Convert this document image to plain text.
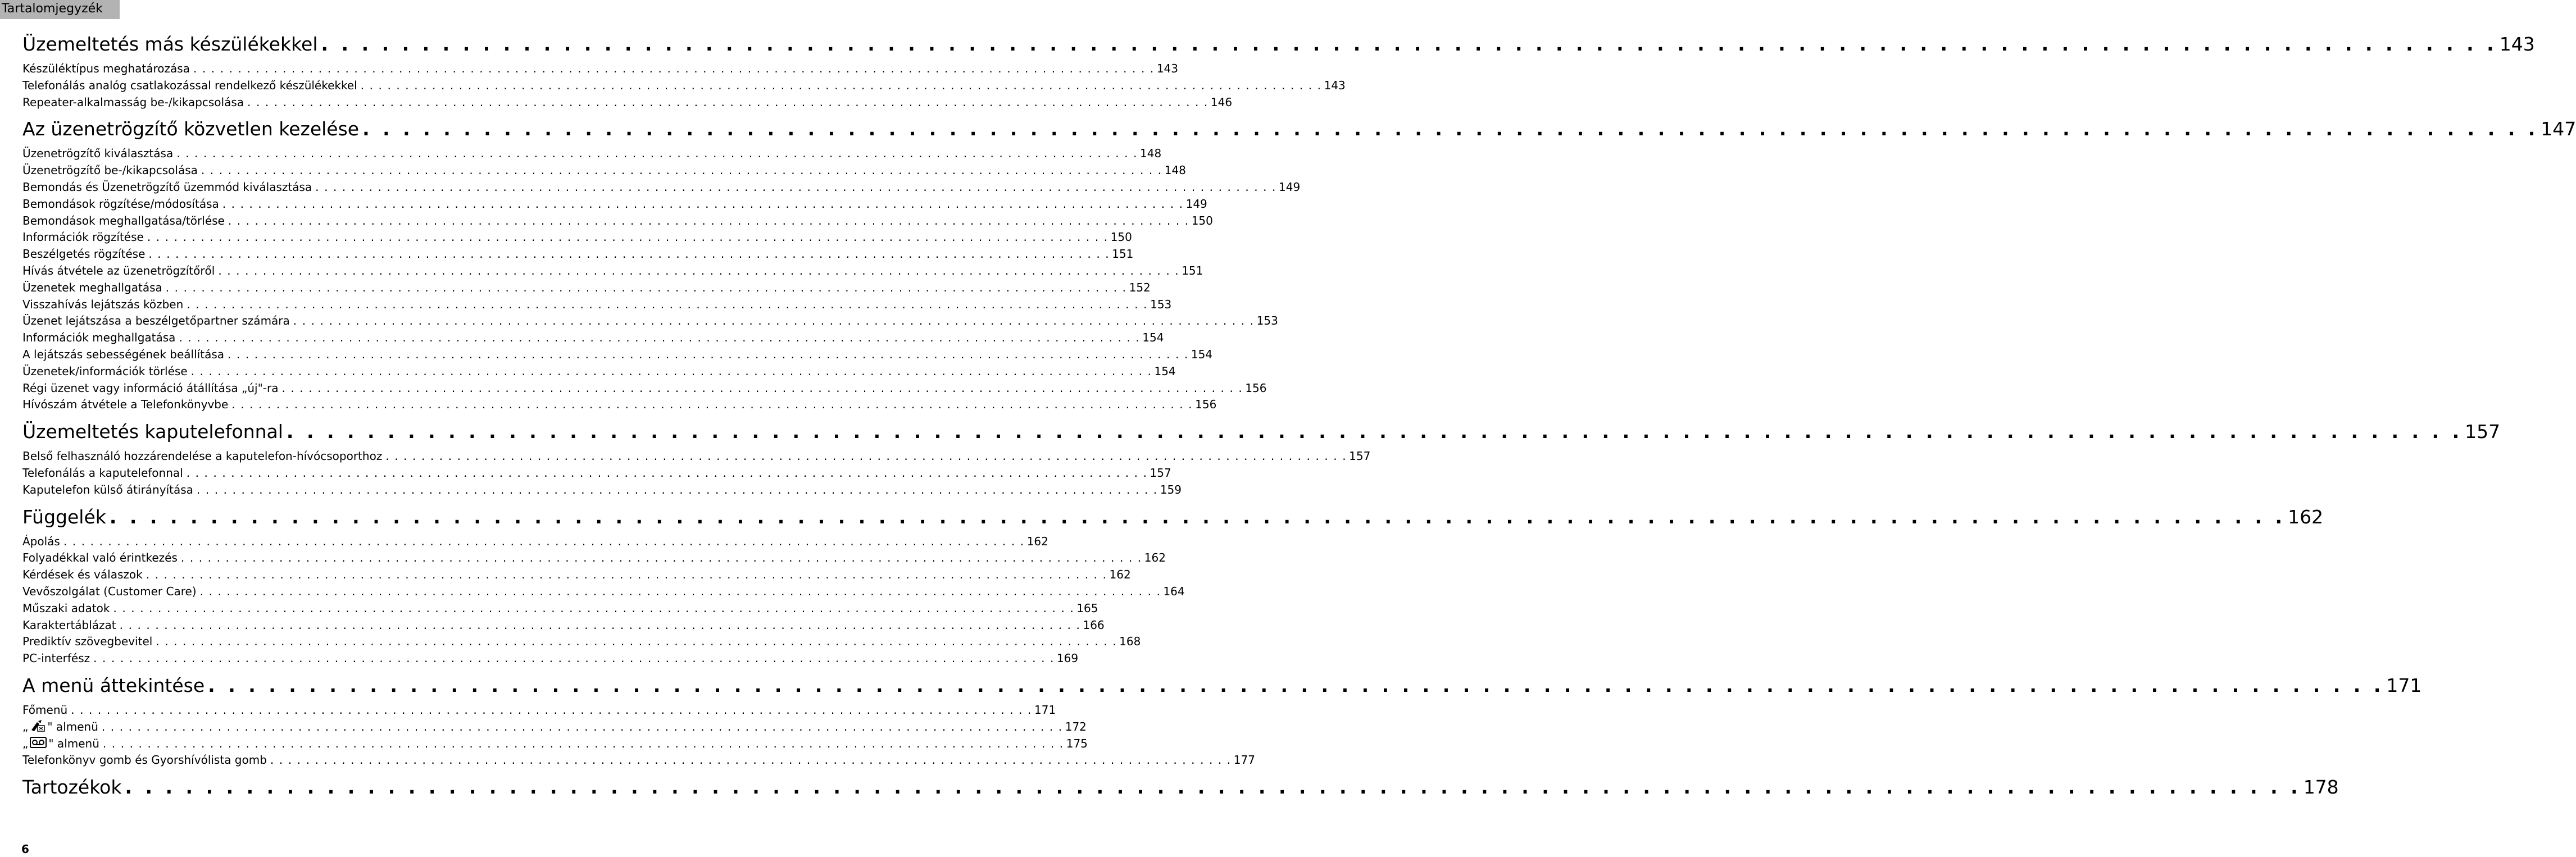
Tartalomjegyzék
Üzemeltetés más készülékekkel . . . . . . . . . . . . . . . . . . . . . . . . . . . . . . . . . . . . . . . . . . . . . . . . . . . . . . . . . . . . . . . . . . . . . . . . . . . . . . . . . . . . . . . . . . . . . . . . . . . . . . . . . . . . 143
Készüléktípus meghatározása . . . . . . . . . . . . . . . . . . . . . . . . . . . . . . . . . . . . . . . . . . . . . . . . . . . . . . . . . . . . . . . . . . . . . . . . . . . . . . . . . . . . . . . . . . . . . . . . . . . . . . . . . . . . 143
Telefonálás analóg csatlakozással rendelkező készülékekkel . . . . . . . . . . . . . . . . . . . . . . . . . . . . . . . . . . . . . . . . . . . . . . . . . . . . . . . . . . . . . . . . . . . . . . . . . . . . . . . . . . . . . . . . . . . . . . . . . . . . . . . . . . . . 143
Repeater-alkalmasság be-/kikapcsolása . . . . . . . . . . . . . . . . . . . . . . . . . . . . . . . . . . . . . . . . . . . . . . . . . . . . . . . . . . . . . . . . . . . . . . . . . . . . . . . . . . . . . . . . . . . . . . . . . . . . . . . . . . . . 146
Az üzenetrögzítő közvetlen kezelése . . . . . . . . . . . . . . . . . . . . . . . . . . . . . . . . . . . . . . . . . . . . . . . . . . . . . . . . . . . . . . . . . . . . . . . . . . . . . . . . . . . . . . . . . . . . . . . . . . . . . . . . . . . . 147
Üzenetrögzítő kiválasztása . . . . . . . . . . . . . . . . . . . . . . . . . . . . . . . . . . . . . . . . . . . . . . . . . . . . . . . . . . . . . . . . . . . . . . . . . . . . . . . . . . . . . . . . . . . . . . . . . . . . . . . . . . . . 148
Üzenetrögzítő be-/kikapcsolása . . . . . . . . . . . . . . . . . . . . . . . . . . . . . . . . . . . . . . . . . . . . . . . . . . . . . . . . . . . . . . . . . . . . . . . . . . . . . . . . . . . . . . . . . . . . . . . . . . . . . . . . . . . . 148
Bemondás és Üzenetrögzítő üzemmód kiválasztása . . . . . . . . . . . . . . . . . . . . . . . . . . . . . . . . . . . . . . . . . . . . . . . . . . . . . . . . . . . . . . . . . . . . . . . . . . . . . . . . . . . . . . . . . . . . . . . . . . . . . . . . . . . . 149
Bemondások rögzítése/módosítása . . . . . . . . . . . . . . . . . . . . . . . . . . . . . . . . . . . . . . . . . . . . . . . . . . . . . . . . . . . . . . . . . . . . . . . . . . . . . . . . . . . . . . . . . . . . . . . . . . . . . . . . . . . . 149
Bemondások meghallgatása/törlése . . . . . . . . . . . . . . . . . . . . . . . . . . . . . . . . . . . . . . . . . . . . . . . . . . . . . . . . . . . . . . . . . . . . . . . . . . . . . . . . . . . . . . . . . . . . . . . . . . . . . . . . . . . . 150
Információk rögzítése . . . . . . . . . . . . . . . . . . . . . . . . . . . . . . . . . . . . . . . . . . . . . . . . . . . . . . . . . . . . . . . . . . . . . . . . . . . . . . . . . . . . . . . . . . . . . . . . . . . . . . . . . . . . 150
Beszélgetés rögzítése . . . . . . . . . . . . . . . . . . . . . . . . . . . . . . . . . . . . . . . . . . . . . . . . . . . . . . . . . . . . . . . . . . . . . . . . . . . . . . . . . . . . . . . . . . . . . . . . . . . . . . . . . . . . 151
Hívás átvétele az üzenetrögzítőről . . . . . . . . . . . . . . . . . . . . . . . . . . . . . . . . . . . . . . . . . . . . . . . . . . . . . . . . . . . . . . . . . . . . . . . . . . . . . . . . . . . . . . . . . . . . . . . . . . . . . . . . . . . . 151
Üzenetek meghallgatása . . . . . . . . . . . . . . . . . . . . . . . . . . . . . . . . . . . . . . . . . . . . . . . . . . . . . . . . . . . . . . . . . . . . . . . . . . . . . . . . . . . . . . . . . . . . . . . . . . . . . . . . . . . . 152
Visszahívás lejátszás közben . . . . . . . . . . . . . . . . . . . . . . . . . . . . . . . . . . . . . . . . . . . . . . . . . . . . . . . . . . . . . . . . . . . . . . . . . . . . . . . . . . . . . . . . . . . . . . . . . . . . . . . . . . . . 153
Üzenet lejátszása a beszélgetőpartner számára . . . . . . . . . . . . . . . . . . . . . . . . . . . . . . . . . . . . . . . . . . . . . . . . . . . . . . . . . . . . . . . . . . . . . . . . . . . . . . . . . . . . . . . . . . . . . . . . . . . . . . . . . . . . 153
Információk meghallgatása . . . . . . . . . . . . . . . . . . . . . . . . . . . . . . . . . . . . . . . . . . . . . . . . . . . . . . . . . . . . . . . . . . . . . . . . . . . . . . . . . . . . . . . . . . . . . . . . . . . . . . . . . . . . 154
A lejátszás sebességének beállítása . . . . . . . . . . . . . . . . . . . . . . . . . . . . . . . . . . . . . . . . . . . . . . . . . . . . . . . . . . . . . . . . . . . . . . . . . . . . . . . . . . . . . . . . . . . . . . . . . . . . . . . . . . . . 154
Üzenetek/információk törlése . . . . . . . . . . . . . . . . . . . . . . . . . . . . . . . . . . . . . . . . . . . . . . . . . . . . . . . . . . . . . . . . . . . . . . . . . . . . . . . . . . . . . . . . . . . . . . . . . . . . . . . . . . . . 154
Régi üzenet vagy információ átállítása „új"-ra . . . . . . . . . . . . . . . . . . . . . . . . . . . . . . . . . . . . . . . . . . . . . . . . . . . . . . . . . . . . . . . . . . . . . . . . . . . . . . . . . . . . . . . . . . . . . . . . . . . . . . . . . . . . 156
Hívószám átvétele a Telefonkönyvbe . . . . . . . . . . . . . . . . . . . . . . . . . . . . . . . . . . . . . . . . . . . . . . . . . . . . . . . . . . . . . . . . . . . . . . . . . . . . . . . . . . . . . . . . . . . . . . . . . . . . . . . . . . . . 156
Üzemeltetés kaputelefonnal . . . . . . . . . . . . . . . . . . . . . . . . . . . . . . . . . . . . . . . . . . . . . . . . . . . . . . . . . . . . . . . . . . . . . . . . . . . . . . . . . . . . . . . . . . . . . . . . . . . . . . . . . . . . 157
Belső felhasználó hozzárendelése a kaputelefon-hívócsoporthoz . . . . . . . . . . . . . . . . . . . . . . . . . . . . . . . . . . . . . . . . . . . . . . . . . . . . . . . . . . . . . . . . . . . . . . . . . . . . . . . . . . . . . . . . . . . . . . . . . . . . . . . . . . . . 157
Telefonálás a kaputelefonnal . . . . . . . . . . . . . . . . . . . . . . . . . . . . . . . . . . . . . . . . . . . . . . . . . . . . . . . . . . . . . . . . . . . . . . . . . . . . . . . . . . . . . . . . . . . . . . . . . . . . . . . . . . . . 157
Kaputelefon külső átirányítása . . . . . . . . . . . . . . . . . . . . . . . . . . . . . . . . . . . . . . . . . . . . . . . . . . . . . . . . . . . . . . . . . . . . . . . . . . . . . . . . . . . . . . . . . . . . . . . . . . . . . . . . . . . . 159
Függelék . . . . . . . . . . . . . . . . . . . . . . . . . . . . . . . . . . . . . . . . . . . . . . . . . . . . . . . . . . . . . . . . . . . . . . . . . . . . . . . . . . . . . . . . . . . . . . . . . . . . . . . . . . . . 162
Ápolás . . . . . . . . . . . . . . . . . . . . . . . . . . . . . . . . . . . . . . . . . . . . . . . . . . . . . . . . . . . . . . . . . . . . . . . . . . . . . . . . . . . . . . . . . . . . . . . . . . . . . . . . . . . . 162
Folyadékkal való érintkezés . . . . . . . . . . . . . . . . . . . . . . . . . . . . . . . . . . . . . . . . . . . . . . . . . . . . . . . . . . . . . . . . . . . . . . . . . . . . . . . . . . . . . . . . . . . . . . . . . . . . . . . . . . . . 162
Kérdések és válaszok . . . . . . . . . . . . . . . . . . . . . . . . . . . . . . . . . . . . . . . . . . . . . . . . . . . . . . . . . . . . . . . . . . . . . . . . . . . . . . . . . . . . . . . . . . . . . . . . . . . . . . . . . . . . 162
Vevőszolgálat (Customer Care) . . . . . . . . . . . . . . . . . . . . . . . . . . . . . . . . . . . . . . . . . . . . . . . . . . . . . . . . . . . . . . . . . . . . . . . . . . . . . . . . . . . . . . . . . . . . . . . . . . . . . . . . . . . . 164
Műszaki adatok . . . . . . . . . . . . . . . . . . . . . . . . . . . . . . . . . . . . . . . . . . . . . . . . . . . . . . . . . . . . . . . . . . . . . . . . . . . . . . . . . . . . . . . . . . . . . . . . . . . . . . . . . . . . 165
Karaktertáblázat . . . . . . . . . . . . . . . . . . . . . . . . . . . . . . . . . . . . . . . . . . . . . . . . . . . . . . . . . . . . . . . . . . . . . . . . . . . . . . . . . . . . . . . . . . . . . . . . . . . . . . . . . . . . 166
Prediktív szövegbevitel . . . . . . . . . . . . . . . . . . . . . . . . . . . . . . . . . . . . . . . . . . . . . . . . . . . . . . . . . . . . . . . . . . . . . . . . . . . . . . . . . . . . . . . . . . . . . . . . . . . . . . . . . . . . 168
PC-interfész . . . . . . . . . . . . . . . . . . . . . . . . . . . . . . . . . . . . . . . . . . . . . . . . . . . . . . . . . . . . . . . . . . . . . . . . . . . . . . . . . . . . . . . . . . . . . . . . . . . . . . . . . . . . 169
A menü áttekintése . . . . . . . . . . . . . . . . . . . . . . . . . . . . . . . . . . . . . . . . . . . . . . . . . . . . . . . . . . . . . . . . . . . . . . . . . . . . . . . . . . . . . . . . . . . . . . . . . . . . . . . . . . . . 171
Főmenü . . . . . . . . . . . . . . . . . . . . . . . . . . . . . . . . . . . . . . . . . . . . . . . . . . . . . . . . . . . . . . . . . . . . . . . . . . . . . . . . . . . . . . . . . . . . . . . . . . . . . . . . . . . . 171
„ " almenü . . . . . . . . . . . . . . . . . . . . . . . . . . . . . . . . . . . . . . . . . . . . . . . . . . . . . . . . . . . . . . . . . . . . . . . . . . . . . . . . . . . . . . . . . . . . . . . . . . . . . . . . . . . . 172
„ " almenü . . . . . . . . . . . . . . . . . . . . . . . . . . . . . . . . . . . . . . . . . . . . . . . . . . . . . . . . . . . . . . . . . . . . . . . . . . . . . . . . . . . . . . . . . . . . . . . . . . . . . . . . . . . . 175
Telefonkönyv gomb és Gyorshívólista gomb . . . . . . . . . . . . . . . . . . . . . . . . . . . . . . . . . . . . . . . . . . . . . . . . . . . . . . . . . . . . . . . . . . . . . . . . . . . . . . . . . . . . . . . . . . . . . . . . . . . . . . . . . . . . 177
Tartozékok . . . . . . . . . . . . . . . . . . . . . . . . . . . . . . . . . . . . . . . . . . . . . . . . . . . . . . . . . . . . . . . . . . . . . . . . . . . . . . . . . . . . . . . . . . . . . . . . . . . . . . . . . . . . 178
6
